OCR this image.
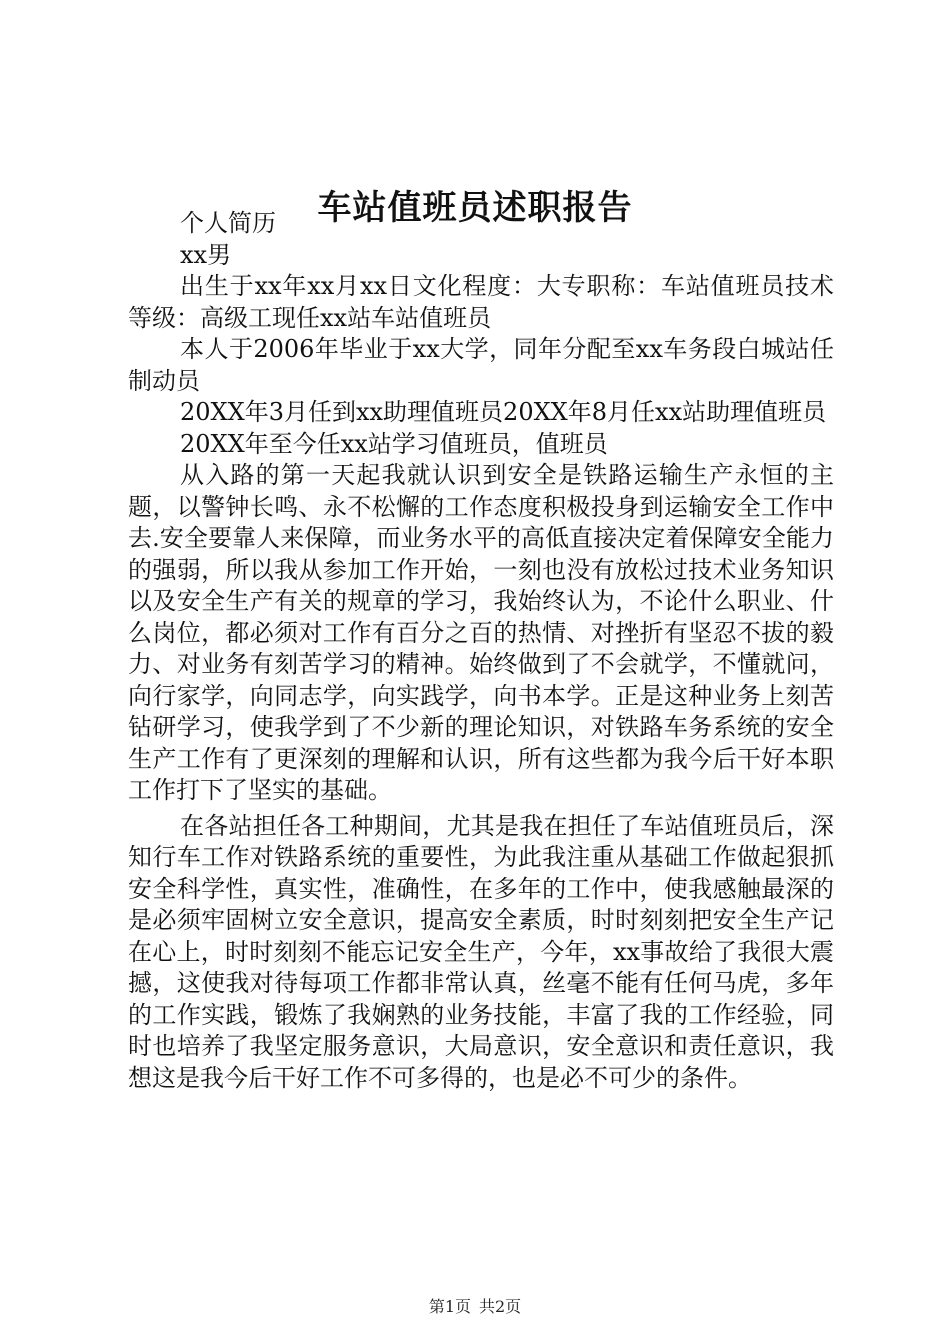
车站值班员述职报告

个人简历

xx男

出生于xx年xx月xx日文化程度：大专职称：车站值班员技术等级：高级工现任xx站车站值班员

本人于2006年毕业于xx大学，同年分配至xx车务段白城站任制动员

20XX年3月任到xx助理值班员20XX年8月任xx站助理值班员

20XX年至今任xx站学习值班员，值班员

从入路的第一天起我就认识到安全是铁路运输生产永恒的主题，以警钟长鸣、永不松懈的工作态度积极投身到运输安全工作中去.安全要靠人来保障，而业务水平的高低直接决定着保障安全能力的强弱，所以我从参加工作开始，一刻也没有放松过技术业务知识以及安全生产有关的规章的学习，我始终认为，不论什么职业、什么岗位，都必须对工作有百分之百的热情、对挫折有坚忍不拔的毅力、对业务有刻苦学习的精神。始终做到了不会就学，不懂就问，向行家学，向同志学，向实践学，向书本学。正是这种业务上刻苦钻研学习，使我学到了不少新的理论知识，对铁路车务系统的安全生产工作有了更深刻的理解和认识，所有这些都为我今后干好本职工作打下了坚实的基础。

在各站担任各工种期间，尤其是我在担任了车站值班员后，深知行车工作对铁路系统的重要性，为此我注重从基础工作做起狠抓安全科学性，真实性，准确性，在多年的工作中，使我感触最深的是必须牢固树立安全意识，提高安全素质，时时刻刻把安全生产记在心上，时时刻刻不能忘记安全生产，今年，xx事故给了我很大震撼，这使我对待每项工作都非常认真，丝毫不能有任何马虎，多年的工作实践，锻炼了我娴熟的业务技能，丰富了我的工作经验，同时也培养了我坚定服务意识，大局意识，安全意识和责任意识，我想这是我今后干好工作不可多得的，也是必不可少的条件。

第1页 共2页
